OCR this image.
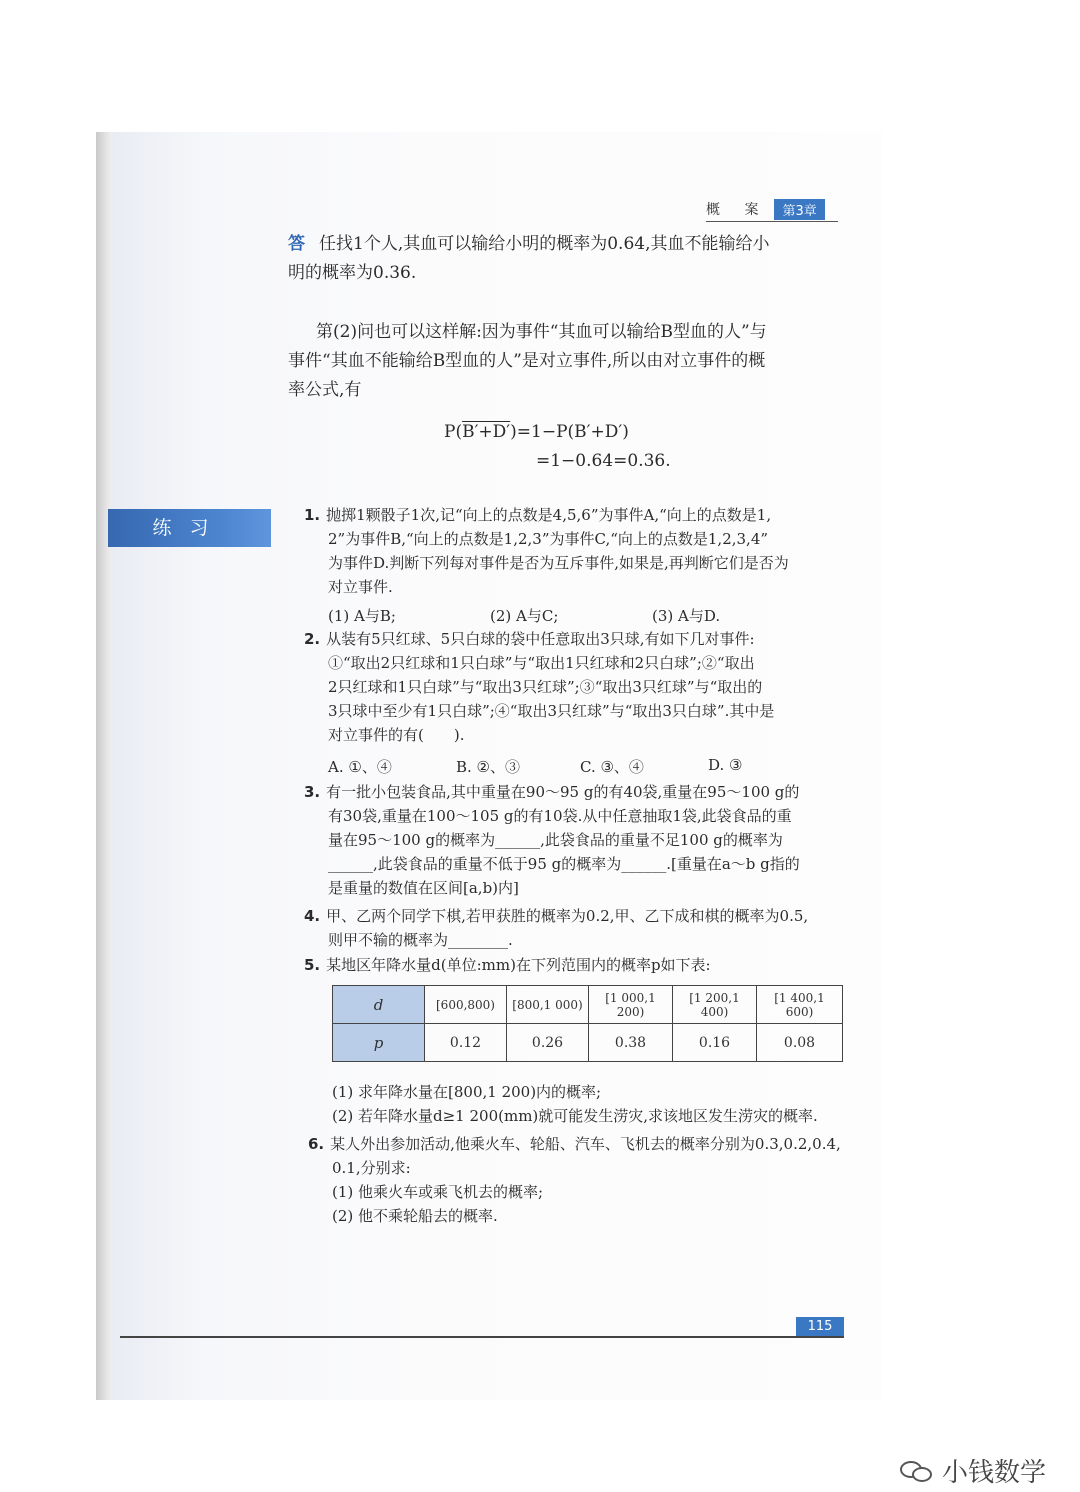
概 案	第3章
答 任找1个人,其血可以输给小明的概率为0.64,其血不能输给小
明的概率为0.36.
第(2)问也可以这样解:因为事件“其血可以输给B型血的人”与
事件“其血不能输给B型血的人”是对立事件,所以由对立事件的概
率公式,有
P(B′+D′)=1−P(B′+D′)
=1−0.64=0.36.
练习
1. 抛掷1颗骰子1次,记“向上的点数是4,5,6”为事件A,“向上的点数是1,
2”为事件B,“向上的点数是1,2,3”为事件C,“向上的点数是1,2,3,4”
为事件D.判断下列每对事件是否为互斥事件,如果是,再判断它们是否为
对立事件.
(1) A与B;	(2) A与C;	(3) A与D.
2. 从装有5只红球、5只白球的袋中任意取出3只球,有如下几对事件:
①“取出2只红球和1只白球”与“取出1只红球和2只白球”;②“取出
2只红球和1只白球”与“取出3只红球”;③“取出3只红球”与“取出的
3只球中至少有1只白球”;④“取出3只红球”与“取出3只白球”.其中是
对立事件的有(　　).
A. ①、④	B. ②、③	C. ③、④	D. ③
3. 有一批小包装食品,其中重量在90～95 g的有40袋,重量在95～100 g的
有30袋,重量在100～105 g的有10袋.从中任意抽取1袋,此袋食品的重
量在95～100 g的概率为______,此袋食品的重量不足100 g的概率为
______,此袋食品的重量不低于95 g的概率为______.[重量在a～b g指的
是重量的数值在区间[a,b)内]
4. 甲、乙两个同学下棋,若甲获胜的概率为0.2,甲、乙下成和棋的概率为0.5,
则甲不输的概率为________.
5. 某地区年降水量d(单位:mm)在下列范围内的概率p如下表:
d	[600,800)	[800,1 000)	[1 000,1 200)	[1 200,1 400)	[1 400,1 600)
p	0.12	0.26	0.38	0.16	0.08
(1) 求年降水量在[800,1 200)内的概率;
(2) 若年降水量d≥1 200(mm)就可能发生涝灾,求该地区发生涝灾的概率.
6. 某人外出参加活动,他乘火车、轮船、汽车、飞机去的概率分别为0.3,0.2,0.4,
0.1,分别求:
(1) 他乘火车或乘飞机去的概率;
(2) 他不乘轮船去的概率.
115
小钱数学
